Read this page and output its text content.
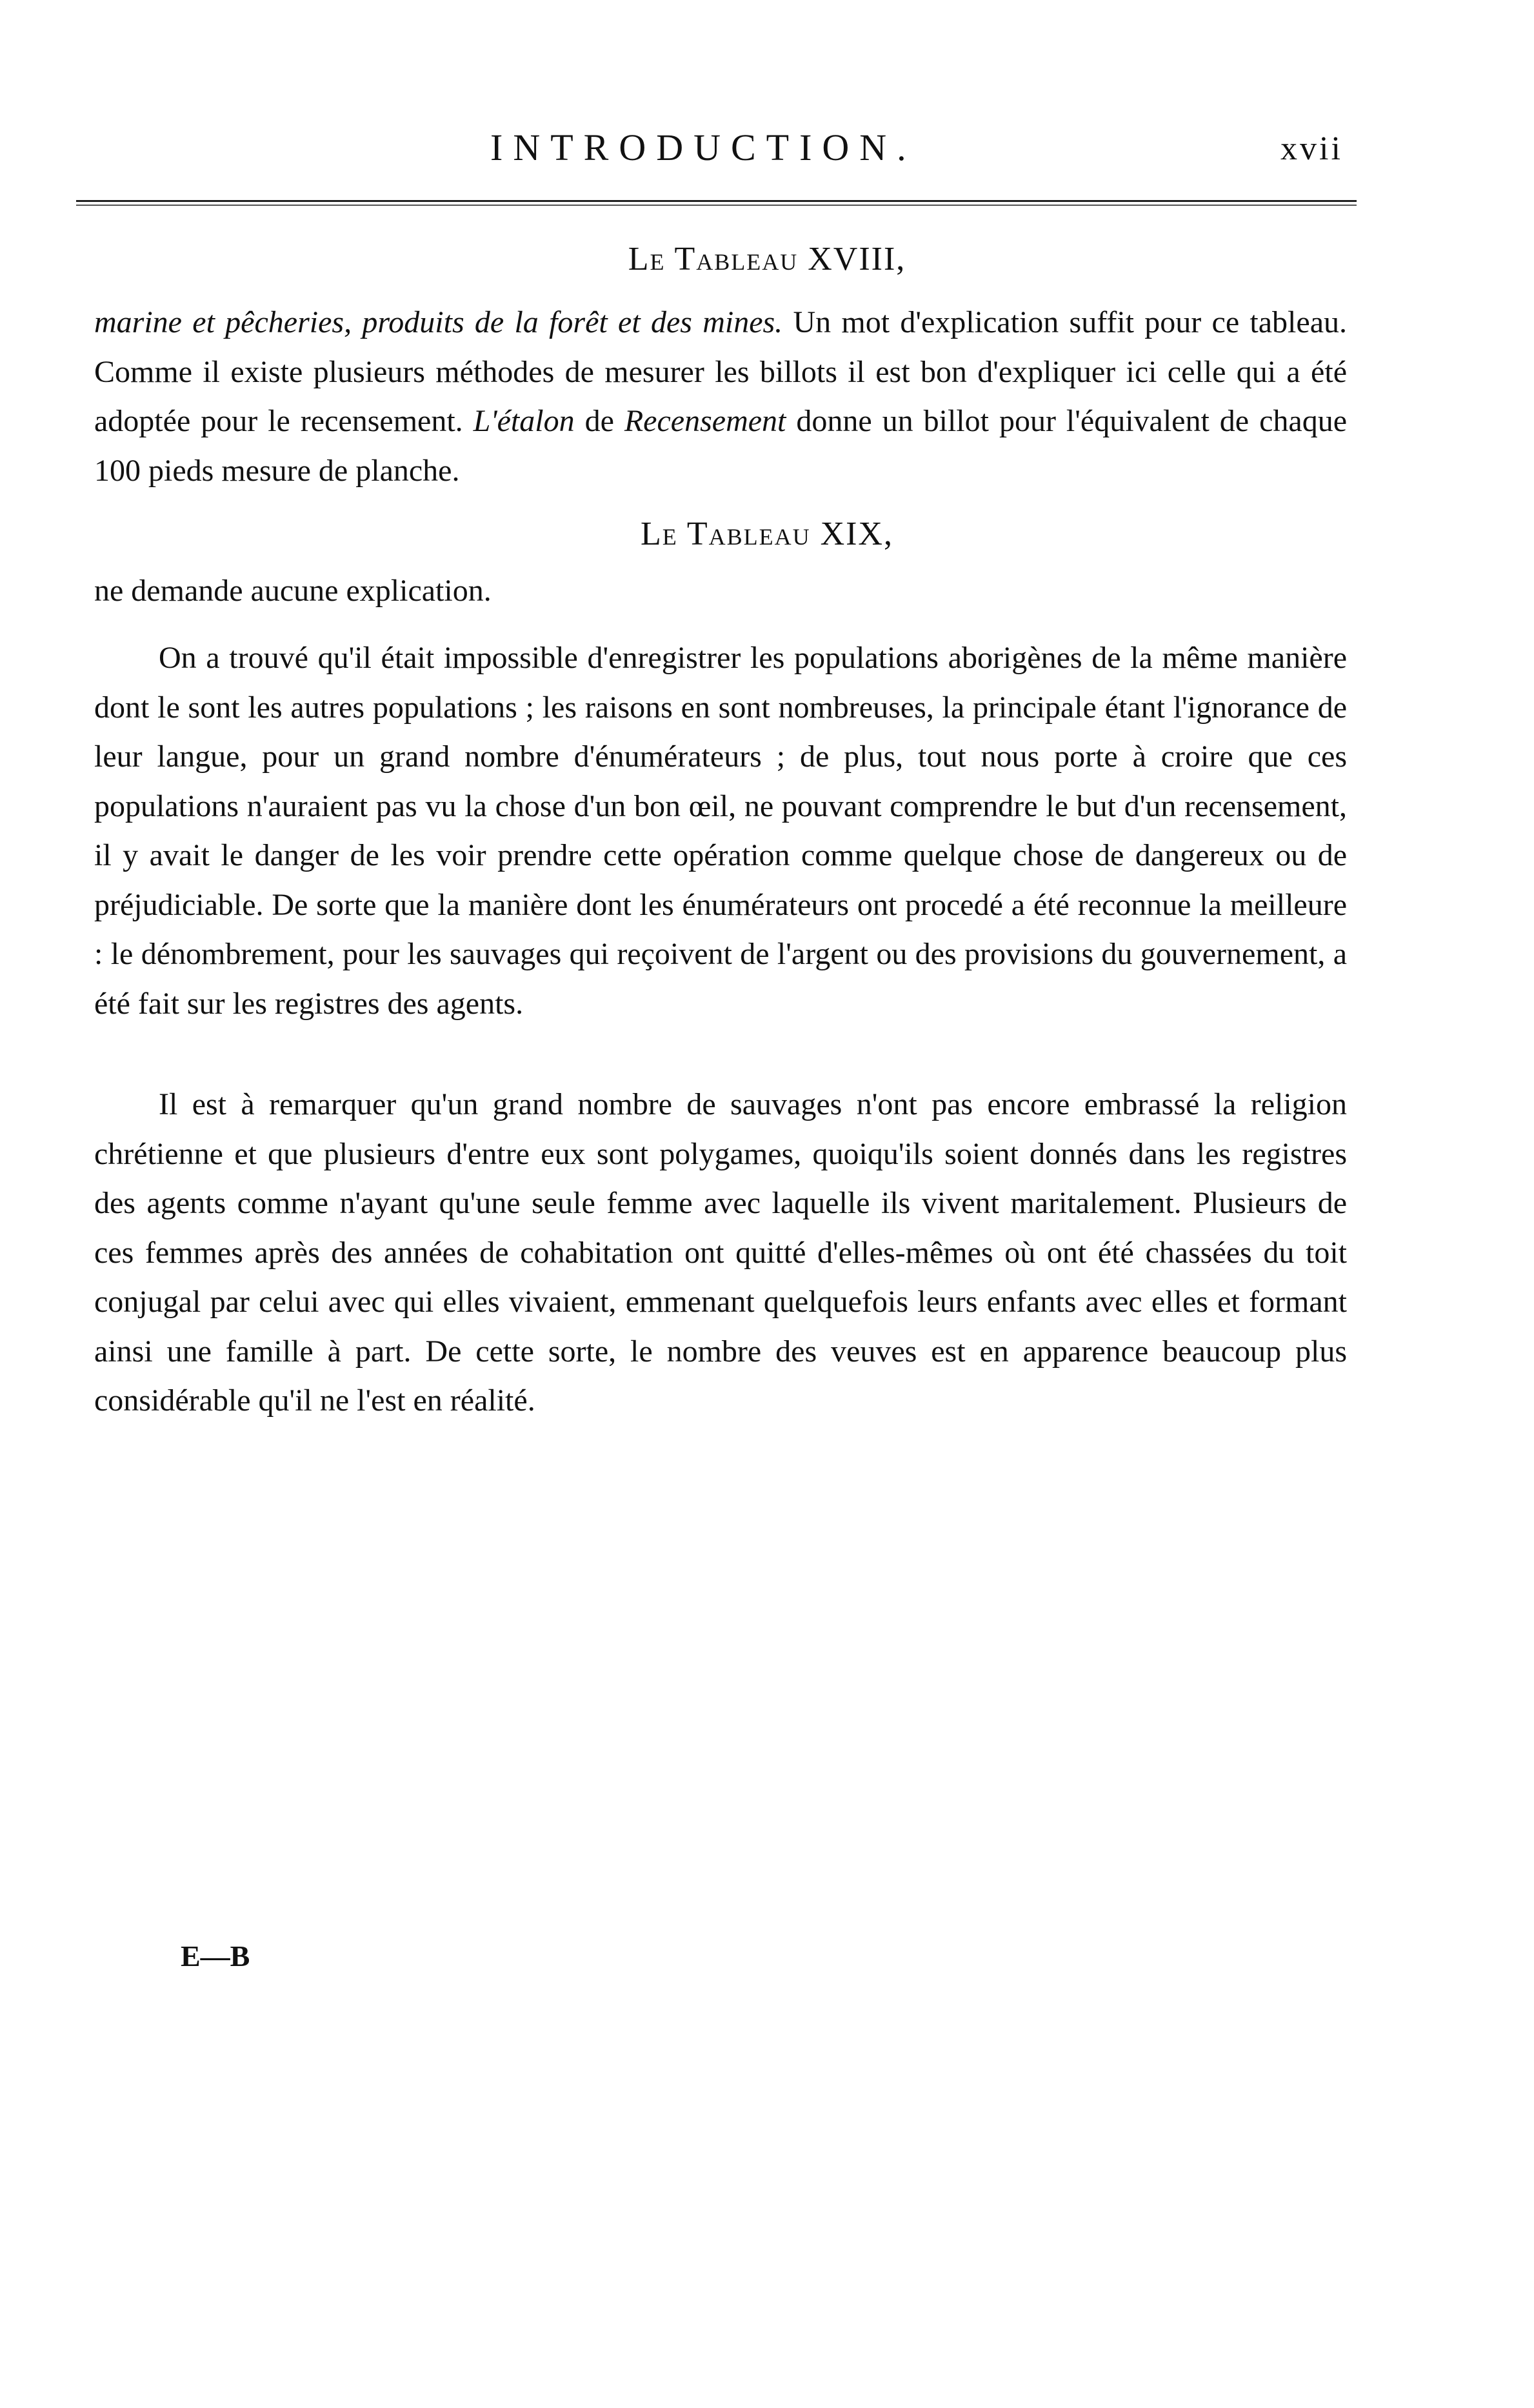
INTRODUCTION.	xvii
Le Tableau XVIII,

marine et pêcheries, produits de la forêt et des mines. Un mot d'explication suffit pour ce tableau. Comme il existe plusieurs méthodes de mesurer les billots il est bon d'expliquer ici celle qui a été adoptée pour le recensement. L'étalon de Recensement donne un billot pour l'équivalent de chaque 100 pieds mesure de planche.

Le Tableau XIX,

ne demande aucune explication.

On a trouvé qu'il était impossible d'enregistrer les populations aborigènes de la même manière dont le sont les autres populations ; les raisons en sont nombreuses, la principale étant l'ignorance de leur langue, pour un grand nombre d'énumérateurs ; de plus, tout nous porte à croire que ces populations n'auraient pas vu la chose d'un bon œil, ne pouvant comprendre le but d'un recensement, il y avait le danger de les voir prendre cette opération comme quelque chose de dangereux ou de préjudiciable. De sorte que la manière dont les énumérateurs ont procedé a été reconnue la meilleure : le dénombrement, pour les sauvages qui reçoivent de l'argent ou des provisions du gouvernement, a été fait sur les registres des agents.

Il est à remarquer qu'un grand nombre de sauvages n'ont pas encore embrassé la religion chrétienne et que plusieurs d'entre eux sont polygames, quoiqu'ils soient donnés dans les registres des agents comme n'ayant qu'une seule femme avec laquelle ils vivent maritalement. Plusieurs de ces femmes après des années de cohabitation ont quitté d'elles-mêmes où ont été chassées du toit conjugal par celui avec qui elles vivaient, emmenant quelquefois leurs enfants avec elles et formant ainsi une famille à part. De cette sorte, le nombre des veuves est en apparence beaucoup plus considérable qu'il ne l'est en réalité.

E—B
